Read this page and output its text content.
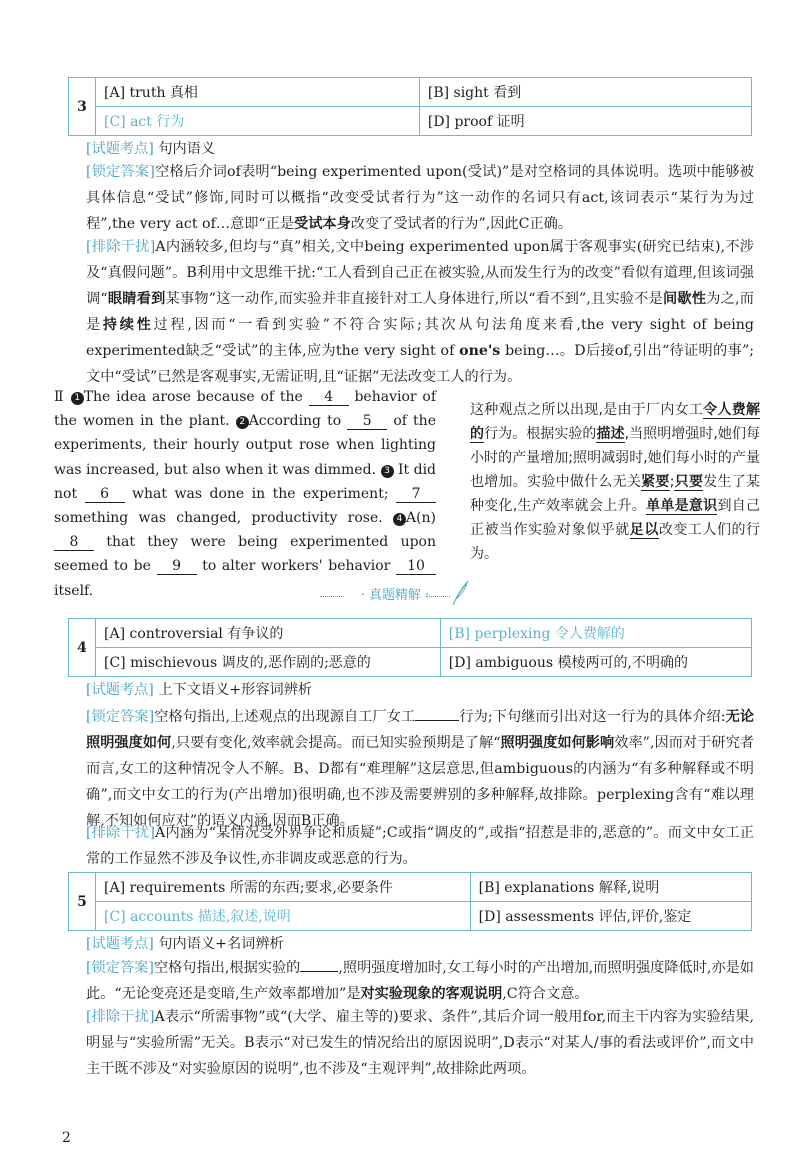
3	[A] truth 真相	[B] sight 看到
	[C] act 行为	[D] proof 证明

[试题考点] 句内语义

[锁定答案]空格后介词of表明“being experimented upon(受试)”是对空格词的具体说明。选项中能够被具体信息“受试”修饰,同时可以概指“改变受试者行为”这一动作的名词只有act,该词表示“某行为为过程”,the very act of…意即“正是受试本身改变了受试者的行为”,因此C正确。

[排除干扰]A内涵较多,但均与“真”相关,文中being experimented upon属于客观事实(研究已结束),不涉及“真假问题”。B利用中文思维干扰:“工人看到自己正在被实验,从而发生行为的改变”看似有道理,但该词强调“眼睛看到某事物”这一动作,而实验并非直接针对工人身体进行,所以“看不到”,且实验不是间歇性为之,而是持续性过程,因而“一看到实验”不符合实际;其次从句法角度来看,the very sight of being experimented缺乏“受试”的主体,应为the very sight of one's being…。D后接of,引出“待证明的事”;文中“受试”已然是客观事实,无需证明,且“证据”无法改变工人的行为。

Ⅱ 1 The idea arose because of the 4 behavior of the women in the plant. 2 According to 5 of the experiments, their hourly output rose when lighting was increased, but also when it was dimmed. 3 It did not 6 what was done in the experiment; 7 something was changed, productivity rose. 4 A(n) 8 that they were being experimented upon seemed to be 9 to alter workers' behavior 10 itself.

这种观点之所以出现,是由于厂内女工令人费解的行为。根据实验的描述,当照明增强时,她们每小时的产量增加;照明减弱时,她们每小时的产量也增加。实验中做什么无关紧要;只要发生了某种变化,生产效率就会上升。单单是意识到自己正被当作实验对象似乎就足以改变工人们的行为。

· 真题精解 ·
4	[A] controversial 有争议的	[B] perplexing 令人费解的
	[C] mischievous 调皮的,恶作剧的;恶意的	[D] ambiguous 模棱两可的,不明确的

[试题考点] 上下文语义+形容词辨析

[锁定答案]空格句指出,上述观点的出现源自工厂女工	行为;下句继而引出对这一行为的具体介绍:无论照明强度如何,只要有变化,效率就会提高。而已知实验预期是了解“照明强度如何影响效率”,因而对于研究者而言,女工的这种情况令人不解。B、D都有“难理解”这层意思,但ambiguous的内涵为“有多种解释或不明确”,而文中女工的行为(产出增加)很明确,也不涉及需要辨别的多种解释,故排除。perplexing含有“难以理解,不知如何应对”的语义内涵,因而B正确。

[排除干扰]A内涵为“某情况受外界争论和质疑”;C或指“调皮的”,或指“招惹是非的,恶意的”。而文中女工正常的工作显然不涉及争议性,亦非调皮或恶意的行为。

5	[A] requirements 所需的东西;要求,必要条件	[B] explanations 解释,说明
	[C] accounts 描述,叙述,说明	[D] assessments 评估,评价,鉴定

[试题考点] 句内语义+名词辨析

[锁定答案]空格句指出,根据实验的	,照明强度增加时,女工每小时的产出增加,而照明强度降低时,亦是如此。“无论变亮还是变暗,生产效率都增加”是对实验现象的客观说明,C符合文意。

[排除干扰]A表示“所需事物”或“(大学、雇主等的)要求、条件”,其后介词一般用for,而主干内容为实验结果,明显与“实验所需”无关。B表示“对已发生的情况给出的原因说明”,D表示“对某人/事的看法或评价”,而文中主干既不涉及“对实验原因的说明”,也不涉及“主观评判”,故排除此两项。

2
